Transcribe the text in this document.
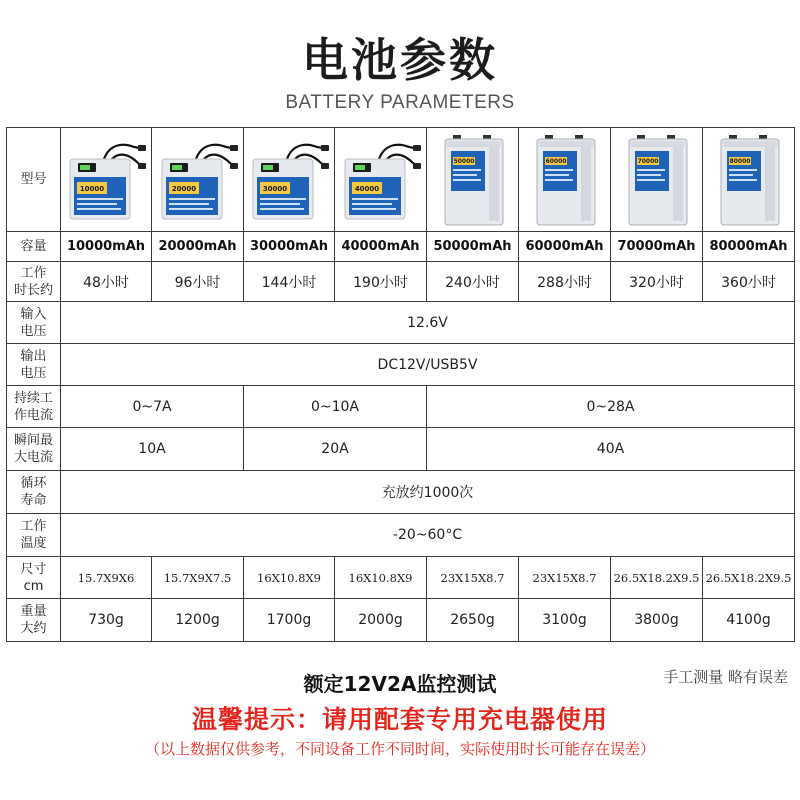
电池参数
BATTERY PARAMETERS
型号	10000	20000	30000	40000	50000	60000	70000	80000

容量	10000mAh	20000mAh	30000mAh	40000mAh	50000mAh	60000mAh	70000mAh	80000mAh
工作
时长约	48小时	96小时	144小时	190小时	240小时	288小时	320小时	360小时
输入
电压	12.6V							
输出
电压	DC12V/USB5V							
持续工
作电流	0~7A		0~10A		0~28A			
瞬间最
大电流	10A		20A		40A			
循环
寿命	充放约1000次							
工作
温度	-20~60°C							
尺寸
cm	15.7X9X6	15.7X9X7.5	16X10.8X9	16X10.8X9	23X15X8.7	23X15X8.7	26.5X18.2X9.5	26.5X18.2X9.5
重量
大约	730g	1200g	1700g	2000g	2650g	3100g	3800g	4100g
额定12V2A监控测试	手工测量 略有误差
温馨提示：请用配套专用充电器使用
（以上数据仅供参考，不同设备工作不同时间，实际使用时长可能存在误差）
